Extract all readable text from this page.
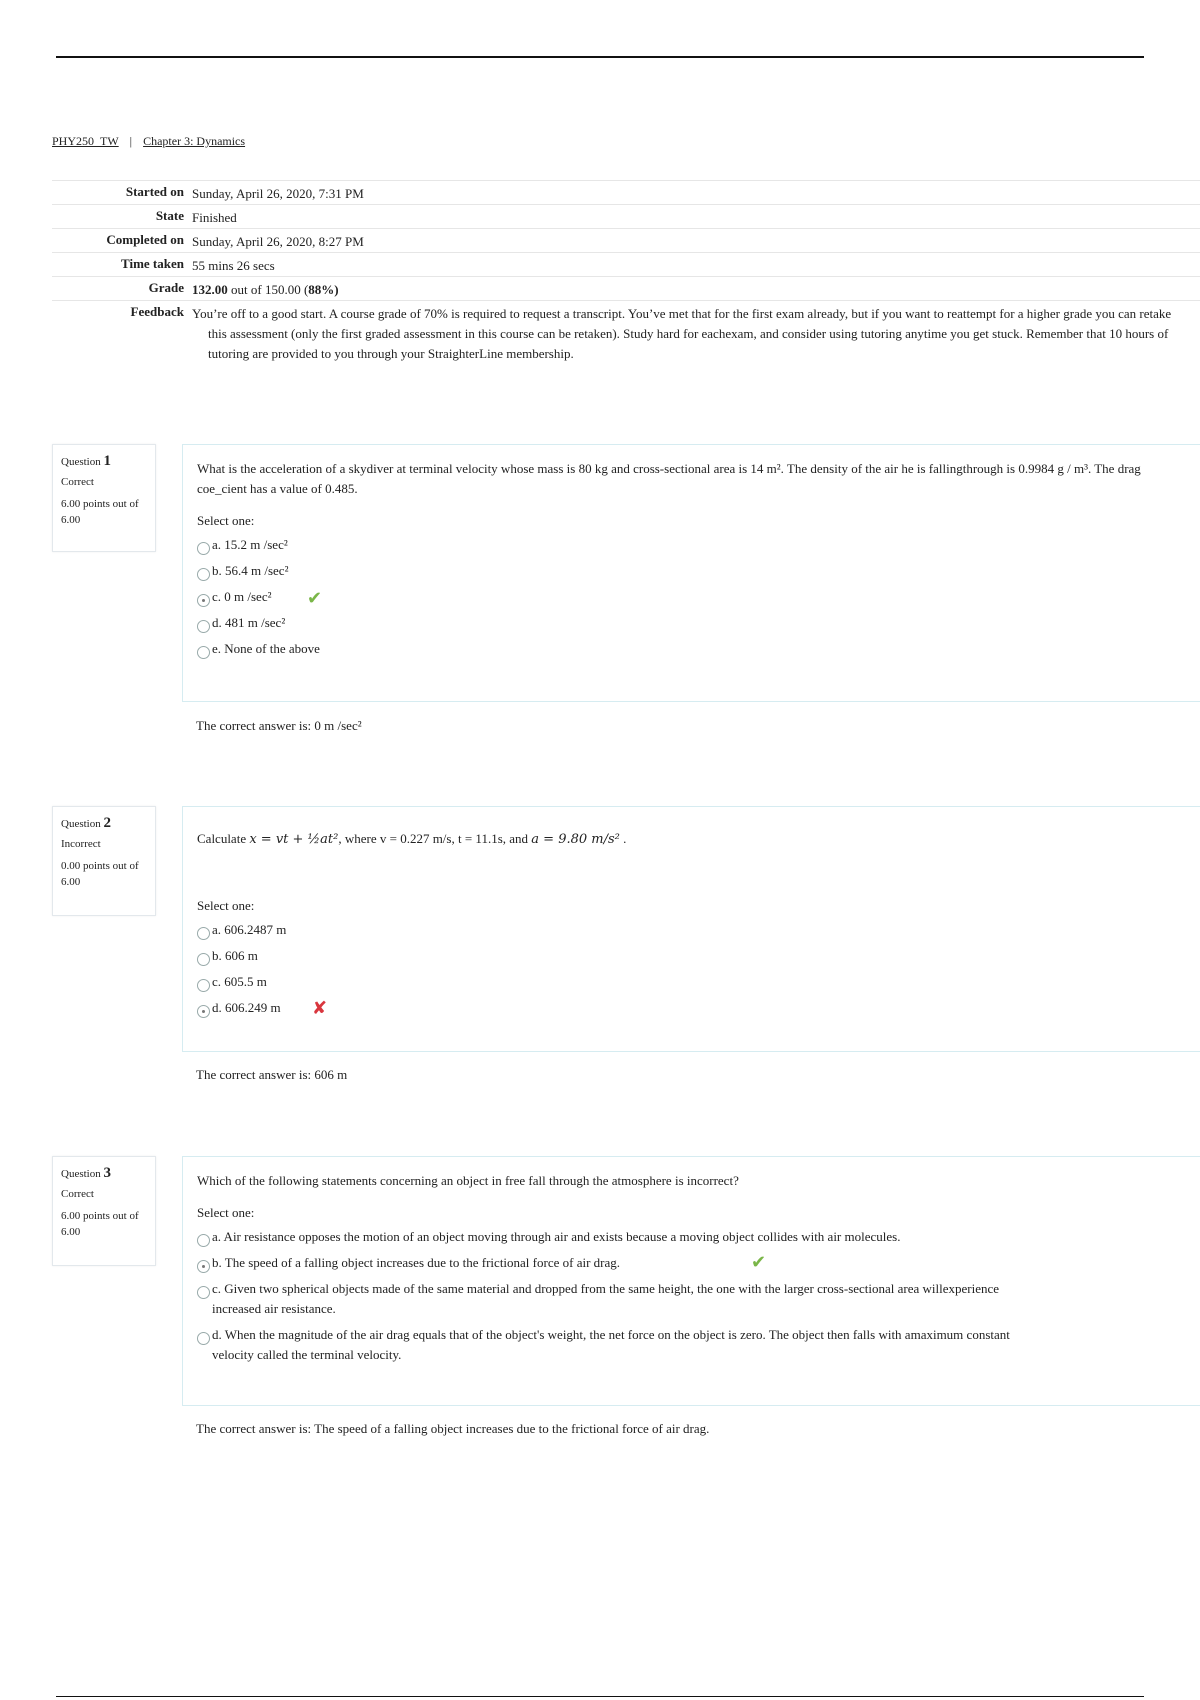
PHY250_TW | Chapter 3: Dynamics
Started on Sunday, April 26, 2020, 7:31 PM
State Finished
Completed on Sunday, April 26, 2020, 8:27 PM
Time taken 55 mins 26 secs
Grade 132.00 out of 150.00 (88%)
Feedback You’re off to a good start. A course grade of 70% is required to request a transcript. You’ve met that for the first exam already, but if you want to reattempt for a higher grade you can retake this assessment (only the first graded assessment in this course can be retaken). Study hard for eachexam, and consider using tutoring anytime you get stuck. Remember that 10 hours of tutoring are provided to you through your StraighterLine membership.
Question 1
Correct
6.00 points out of 6.00
What is the acceleration of a skydiver at terminal velocity whose mass is 80 kg and cross-sectional area is 14 m². The density of the air he is fallingthrough is 0.9984 g / m³. The drag coe_cient has a value of 0.485.
Select one:
a. 15.2 m /sec²
b. 56.4 m /sec²
c. 0 m /sec² ✔
d. 481 m /sec²
e. None of the above
The correct answer is: 0 m /sec²
Question 2
Incorrect
0.00 points out of 6.00
Calculate x = vt + ½at², where v = 0.227 m/s, t = 11.1s, and a = 9.80 m/s² .
Select one:
a. 606.2487 m
b. 606 m
c. 605.5 m
d. 606.249 m ✘
The correct answer is: 606 m
Question 3
Correct
6.00 points out of 6.00
Which of the following statements concerning an object in free fall through the atmosphere is incorrect?
Select one:
a. Air resistance opposes the motion of an object moving through air and exists because a moving object collides with air molecules.
b. The speed of a falling object increases due to the frictional force of air drag.	✔
c. Given two spherical objects made of the same material and dropped from the same height, the one with the larger cross-sectional area willexperience increased air resistance.
d. When the magnitude of the air drag equals that of the object's weight, the net force on the object is zero. The object then falls with amaximum constant velocity called the terminal velocity.
The correct answer is: The speed of a falling object increases due to the frictional force of air drag.
